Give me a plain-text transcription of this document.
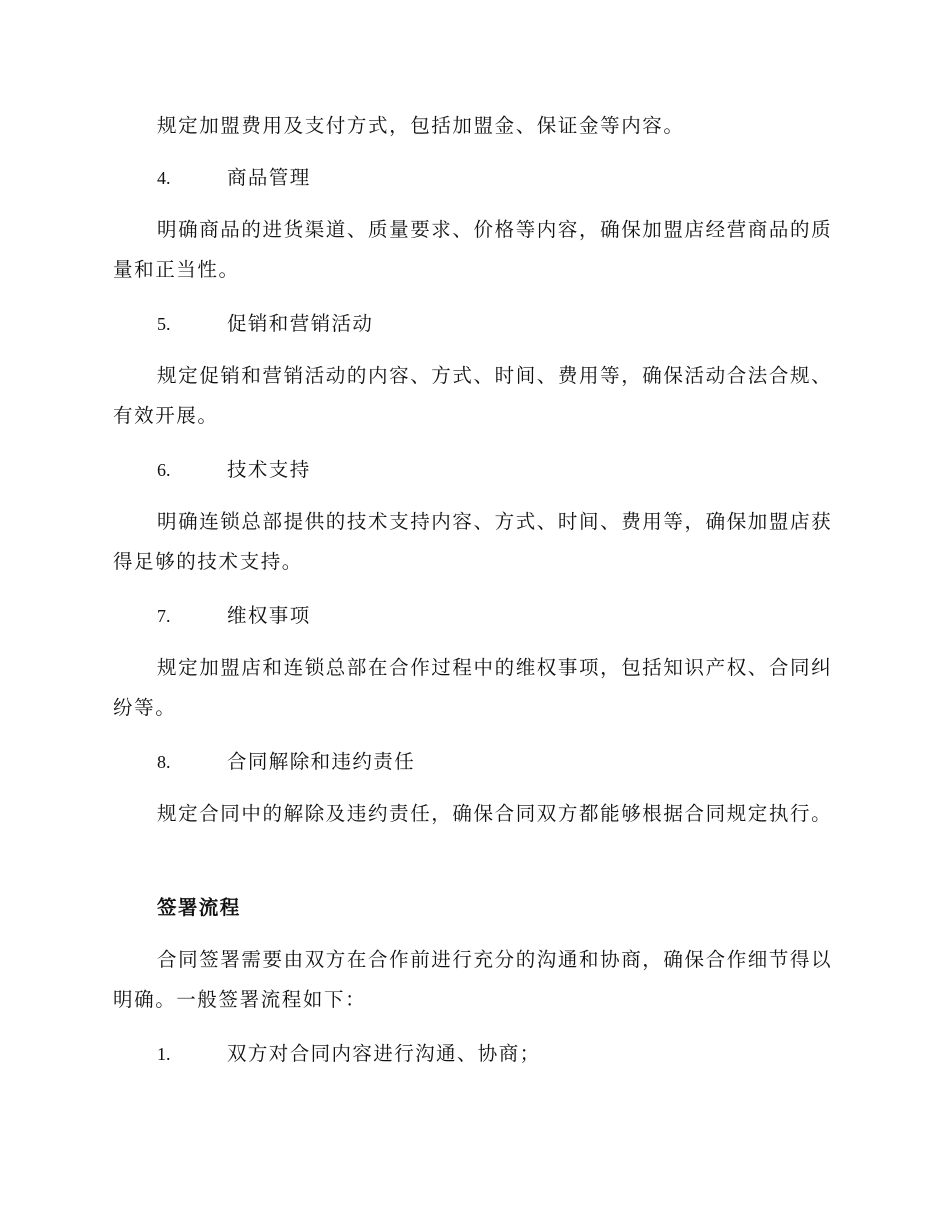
规定加盟费用及支付方式，包括加盟金、保证金等内容。

4.	商品管理

明确商品的进货渠道、质量要求、价格等内容，确保加盟店经营商品的质量和正当性。

5.	促销和营销活动

规定促销和营销活动的内容、方式、时间、费用等，确保活动合法合规、有效开展。

6.	技术支持

明确连锁总部提供的技术支持内容、方式、时间、费用等，确保加盟店获得足够的技术支持。

7.	维权事项

规定加盟店和连锁总部在合作过程中的维权事项，包括知识产权、合同纠纷等。

8.	合同解除和违约责任

规定合同中的解除及违约责任，确保合同双方都能够根据合同规定执行。

签署流程

合同签署需要由双方在合作前进行充分的沟通和协商，确保合作细节得以明确。一般签署流程如下：

1.	双方对合同内容进行沟通、协商；
